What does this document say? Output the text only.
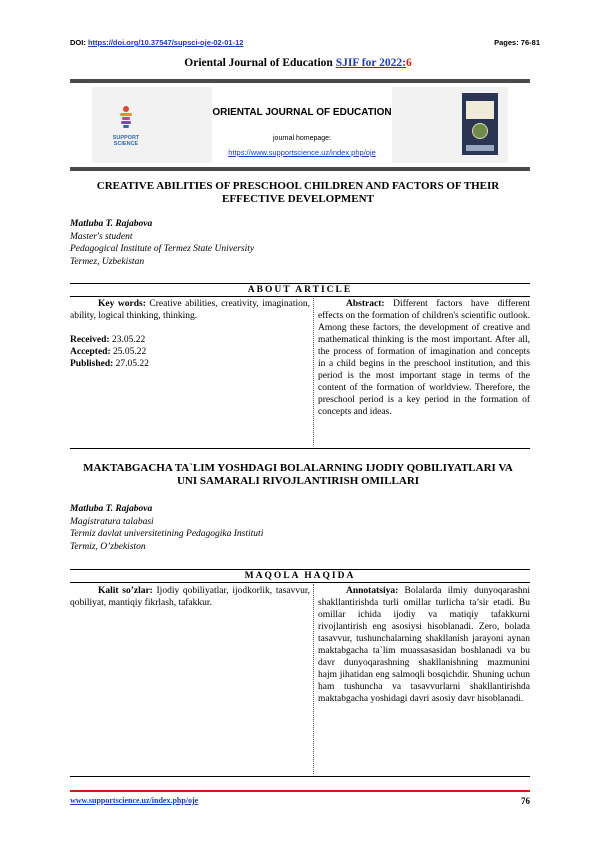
DOI: https://doi.org/10.37547/supsci-oje-02-01-12	Pages: 76-81
Oriental Journal of Education SJIF for 2022:6
SUPPORT
SCIENCE
ORIENTAL JOURNAL OF EDUCATION
journal homepage:
https://www.supportscience.uz/index.php/oje
CREATIVE ABILITIES OF PRESCHOOL CHILDREN AND FACTORS OF THEIR
EFFECTIVE DEVELOPMENT
Matluba T. Rajabova
Master's student
Pedagogical Institute of Termez State University
Termez, Uzbekistan
ABOUT ARTICLE

Key words: Creative abilities, creativity, imagination, ability, logical thinking, thinking.

Received: 23.05.22
Accepted: 25.05.22
Published: 27.05.22

Abstract: Different factors have different effects on the formation of children's scientific outlook. Among these factors, the development of creative and mathematical thinking is the most important. After all, the process of formation of imagination and concepts in a child begins in the preschool institution, and this period is the most important stage in terms of the content of the formation of worldview. Therefore, the preschool period is a key period in the formation of concepts and ideas.

MAKTABGACHA TA`LIM YOSHDAGI BOLALARNING IJODIY QOBILIYATLARI VA
UNI SAMARALI RIVOJLANTIRISH OMILLARI
Matluba T. Rajabova
Magistratura talabasi
Termiz davlat universitetining Pedagogika Instituti
Termiz, O’zbekiston
MAQOLA HAQIDA

Kalit so’zlar: Ijodiy qobiliyatlar, ijodkorlik, tasavvur, qobiliyat, mantiqiy fikrlash, tafakkur.

Annotatsiya: Bolalarda ilmiy dunyoqarashni shakllantirishda turli omillar turlicha ta’sir etadi. Bu omillar ichida ijodiy va matiqiy tafakkurni rivojlantirish eng asosiysi hisoblanadi. Zero, bolada tasavvur, tushunchalarning shakllanish jarayoni aynan maktabgacha ta`lim muassasasidan boshlanadi va bu davr dunyoqarashning shakllanishning mazmunini hajm jihatidan eng salmoqli bosqichdir. Shuning uchun ham tushuncha va tasavvurlarni shakllantirishda maktabgacha yoshidagi davri asosiy davr hisoblanadi.

www.supportscience.uz/index.php/oje	76
